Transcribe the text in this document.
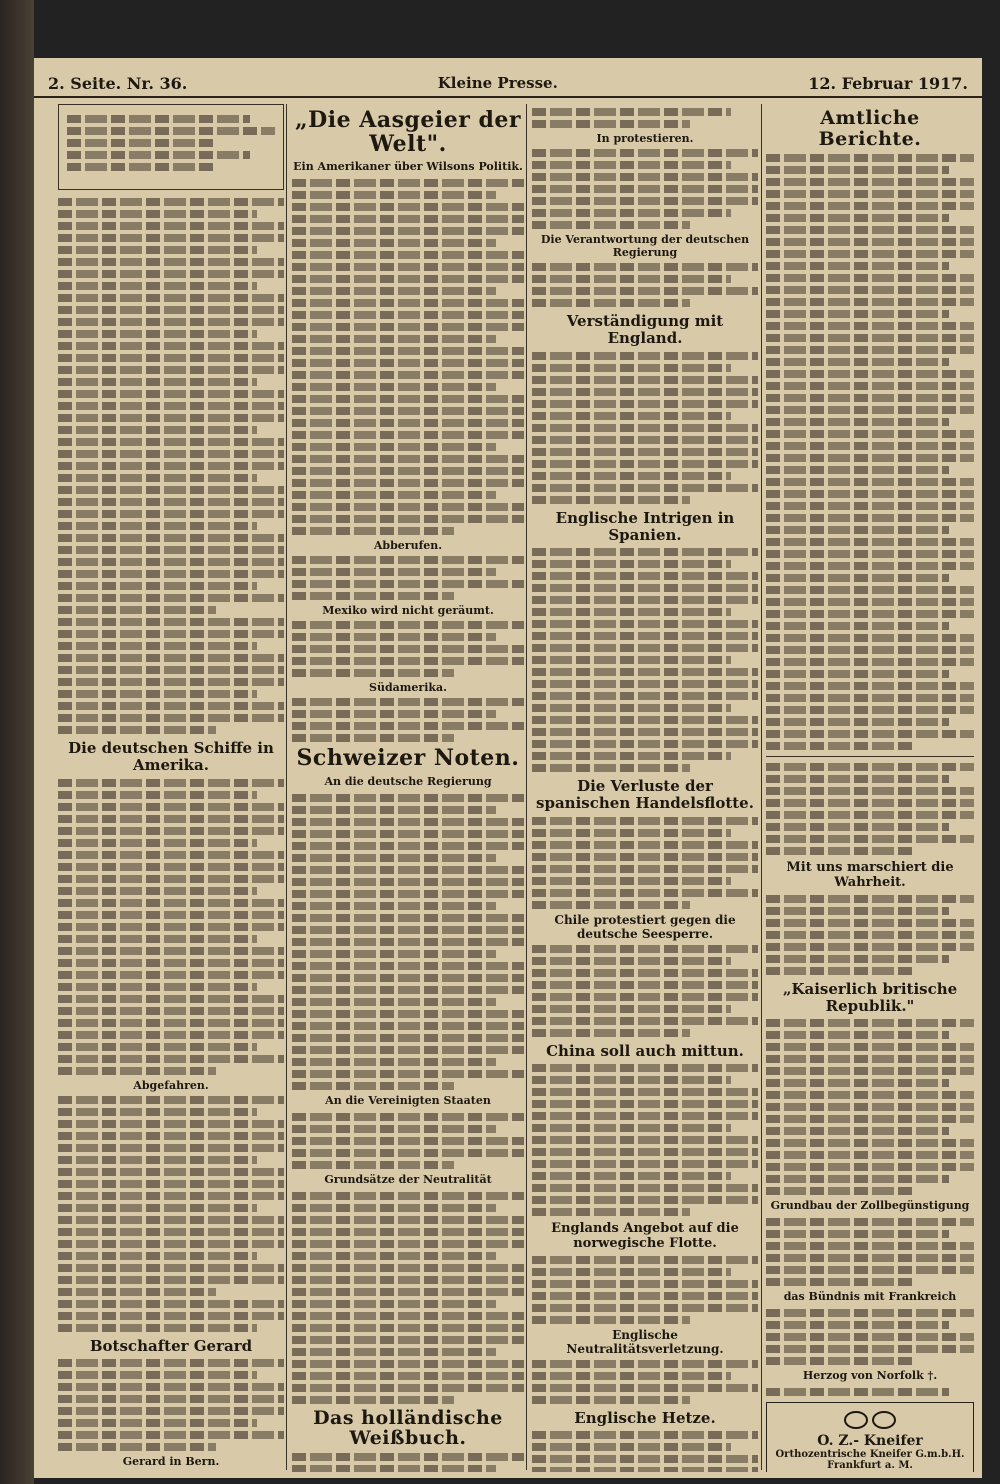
2. Seite. Nr. 36.	Kleine Presse.	12. Februar 1917.
Die deutschen Schiffe in Amerika.
Abgefahren.
Botschafter Gerard
Gerard in Bern.
„Die Aasgeier der Welt".
Ein Amerikaner über Wilsons Politik.
Abberufen.
Mexiko wird nicht geräumt.
Südamerika.
Schweizer Noten.
An die deutsche Regierung
An die Vereinigten Staaten
Grundsätze der Neutralität
Das holländische Weißbuch.
In protestieren.
Die Verantwortung der deutschen Regierung
Verständigung mit England.
Englische Intrigen in Spanien.
Die Verluste der spanischen Handelsflotte.
Chile protestiert gegen die deutsche Seesperre.
China soll auch mittun.
Englands Angebot auf die norwegische Flotte.
Englische Neutralitätsverletzung.
Englische Hetze.
Amtliche Berichte.
Mit uns marschiert die Wahrheit.
„Kaiserlich britische Republik."
Grundbau der Zollbegünstigung
das Bündnis mit Frankreich
Herzog von Norfolk †.
O. Z.- Kneifer
Orthozentrische Kneifer G.m.b.H.
Frankfurt a. M.
